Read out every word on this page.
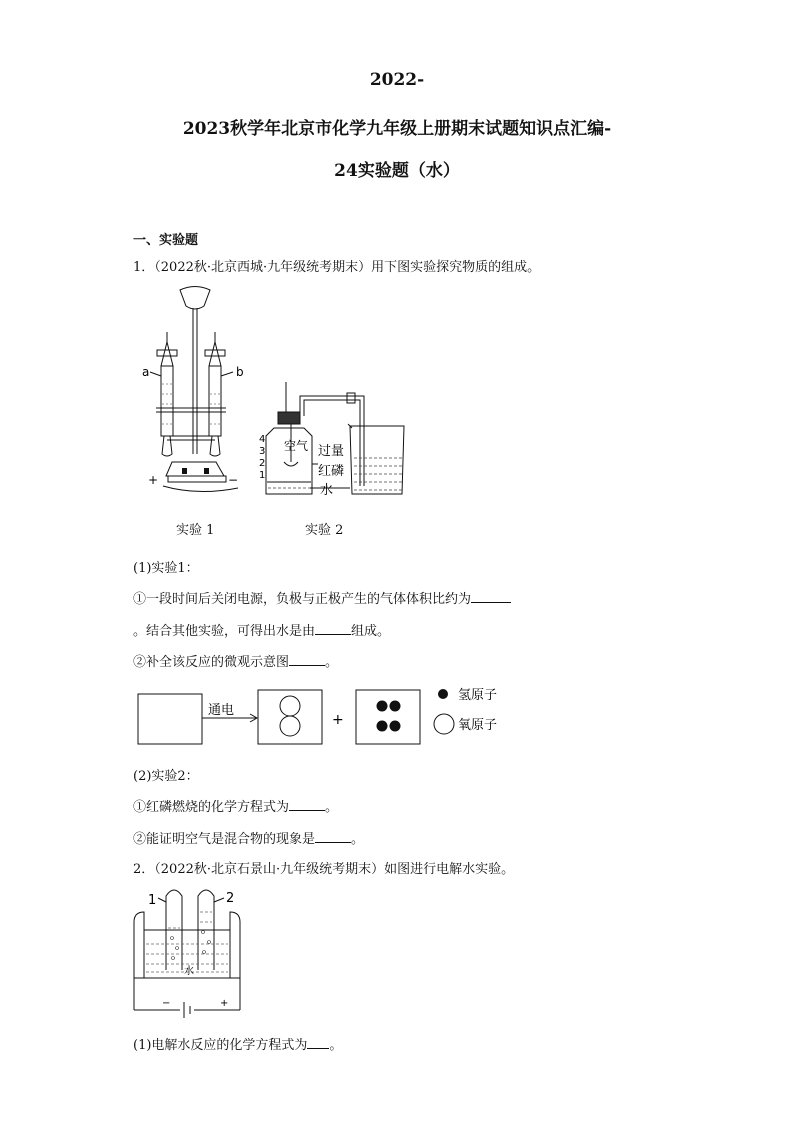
2022-
2023秋学年北京市化学九年级上册期末试题知识点汇编-
24实验题（水）
一、实验题
1．（2022秋·北京西城·九年级统考期末）用下图实验探究物质的组成。
a	b
+	−
实验 1
4
3
2
1
空气 过量
红磷
水
实验 2
(1)实验1：
①一段时间后关闭电源，负极与正极产生的气体体积比约为
。结合其他实验，可得出水是由	组成。
②补全该反应的微观示意图	。
通电
+
氢原子
氧原子
(2)实验2：
①红磷燃烧的化学方程式为	。
②能证明空气是混合物的现象是	。
2．（2022秋·北京石景山·九年级统考期末）如图进行电解水实验。
1	2
水
−	+
(1)电解水反应的化学方程式为 。
